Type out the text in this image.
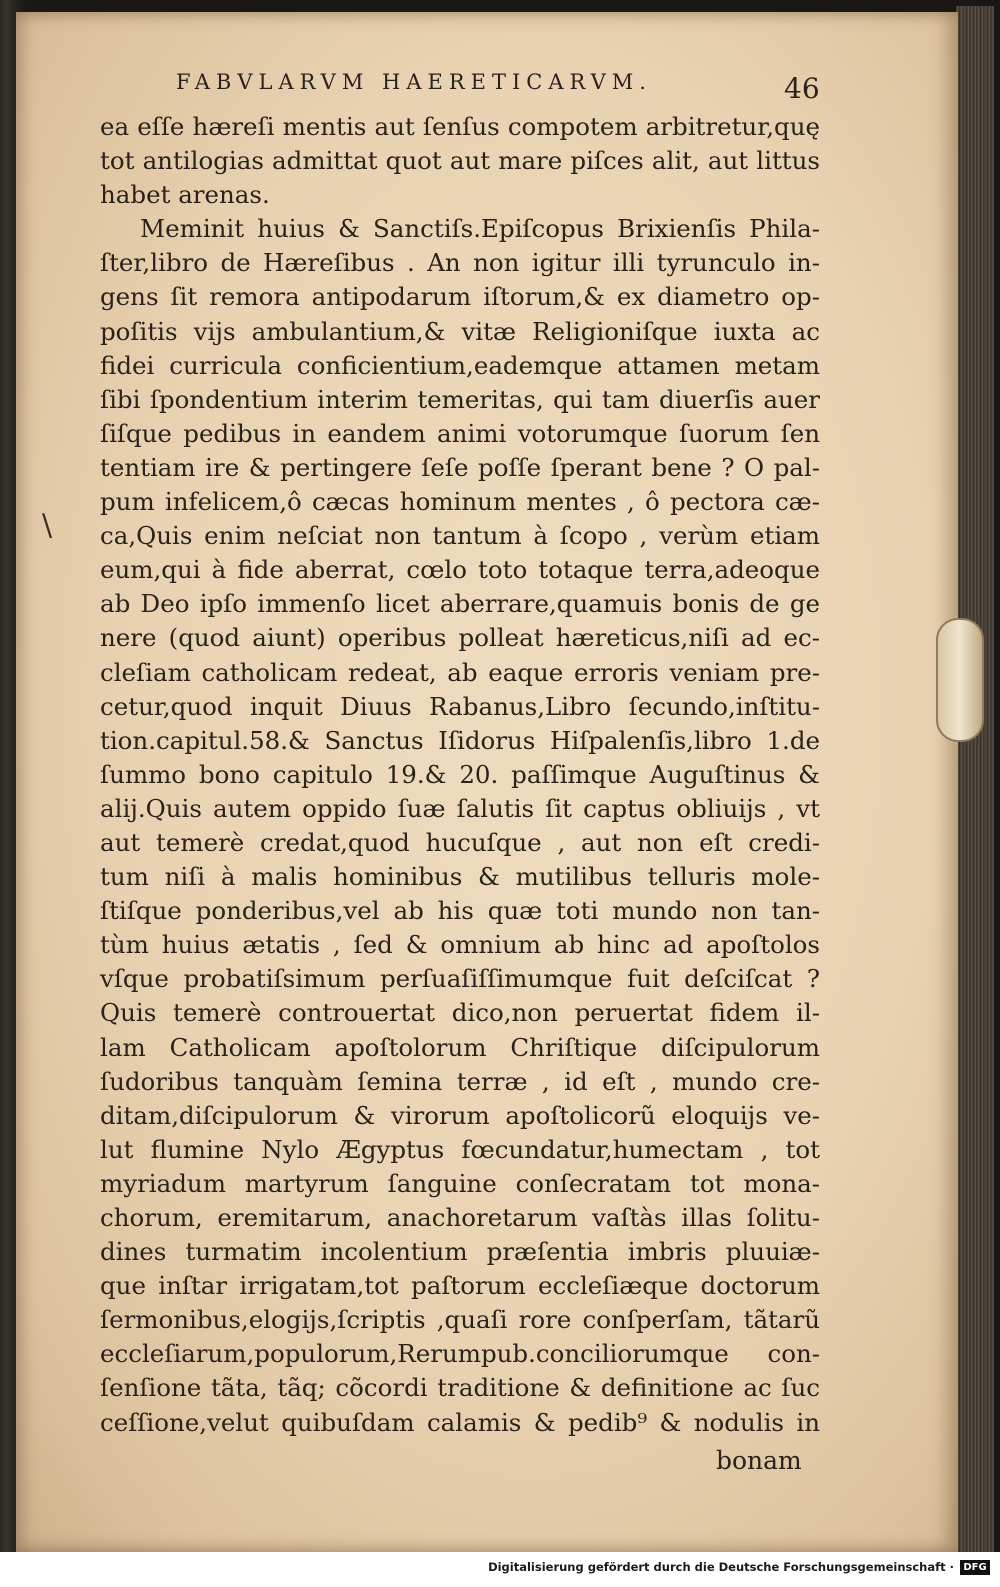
FABVLARVM HAERETICARVM.	46
\
ea eſſe hæreſi mentis aut ſenſus compotem arbitretur,quę
tot antilogias admittat quot aut mare piſces alit, aut littus
habet arenas.
Meminit huius & Sanctiſs.Epiſcopus Brixienſis Phila-
ſter,libro de Hæreſibus . An non igitur illi tyrunculo in-
gens ſit remora antipodarum iſtorum,& ex diametro op-
poſitis vijs ambulantium,& vitæ Religioniſque iuxta ac
fidei curricula conficientium,eademque attamen metam
ſibi ſpondentium interim temeritas, qui tam diuerſis auer
ſiſque pedibus in eandem animi votorumque ſuorum ſen
tentiam ire & pertingere ſeſe poſſe ſperant bene ? O pal-
pum infelicem,ô cæcas hominum mentes , ô pectora cæ-
ca,Quis enim neſciat non tantum à ſcopo , verùm etiam
eum,qui à fide aberrat, cœlo toto totaque terra,adeoque
ab Deo ipſo immenſo licet aberrare,quamuis bonis de ge
nere (quod aiunt) operibus polleat hæreticus,niſi ad ec-
cleſiam catholicam redeat, ab eaque erroris veniam pre-
cetur,quod inquit Diuus Rabanus,Libro ſecundo,inſtitu-
tion.capitul.58.& Sanctus Iſidorus Hiſpalenſis,libro 1.de
ſummo bono capitulo 19.& 20. paſſimque Auguſtinus &
alij.Quis autem oppido ſuæ ſalutis ſit captus obliuijs , vt
aut temerè credat,quod hucuſque , aut non eſt credi-
tum niſi à malis hominibus & mutilibus telluris mole-
ſtiſque ponderibus,vel ab his quæ toti mundo non tan-
tùm huius ætatis , ſed & omnium ab hinc ad apoſtolos
vſque probatiſsimum perſuaſiſſimumque fuit deſciſcat ?
Quis temerè controuertat dico,non peruertat fidem il-
lam Catholicam apoſtolorum Chriſtique diſcipulorum
ſudoribus tanquàm ſemina terræ , id eſt , mundo cre-
ditam,diſcipulorum & virorum apoſtolicorũ eloquijs ve-
lut flumine Nylo Ægyptus fœcundatur,humectam , tot
myriadum martyrum ſanguine conſecratam tot mona-
chorum, eremitarum, anachoretarum vaſtàs illas ſolitu-
dines turmatim incolentium præſentia imbris pluuiæ-
que inſtar irrigatam,tot paſtorum eccleſiæque doctorum
ſermonibus,elogijs,ſcriptis ,quaſi rore conſperſam, tãtarũ
eccleſiarum,populorum,Rerumpub.conciliorumque con-
ſenſione tãta, tãq; cõcordi traditione & definitione ac ſuc
ceſſione,velut quibuſdam calamis & pedib⁹ & nodulis in
bonam
Digitalisierung gefördert durch die Deutsche Forschungsgemeinschaft · DFG
